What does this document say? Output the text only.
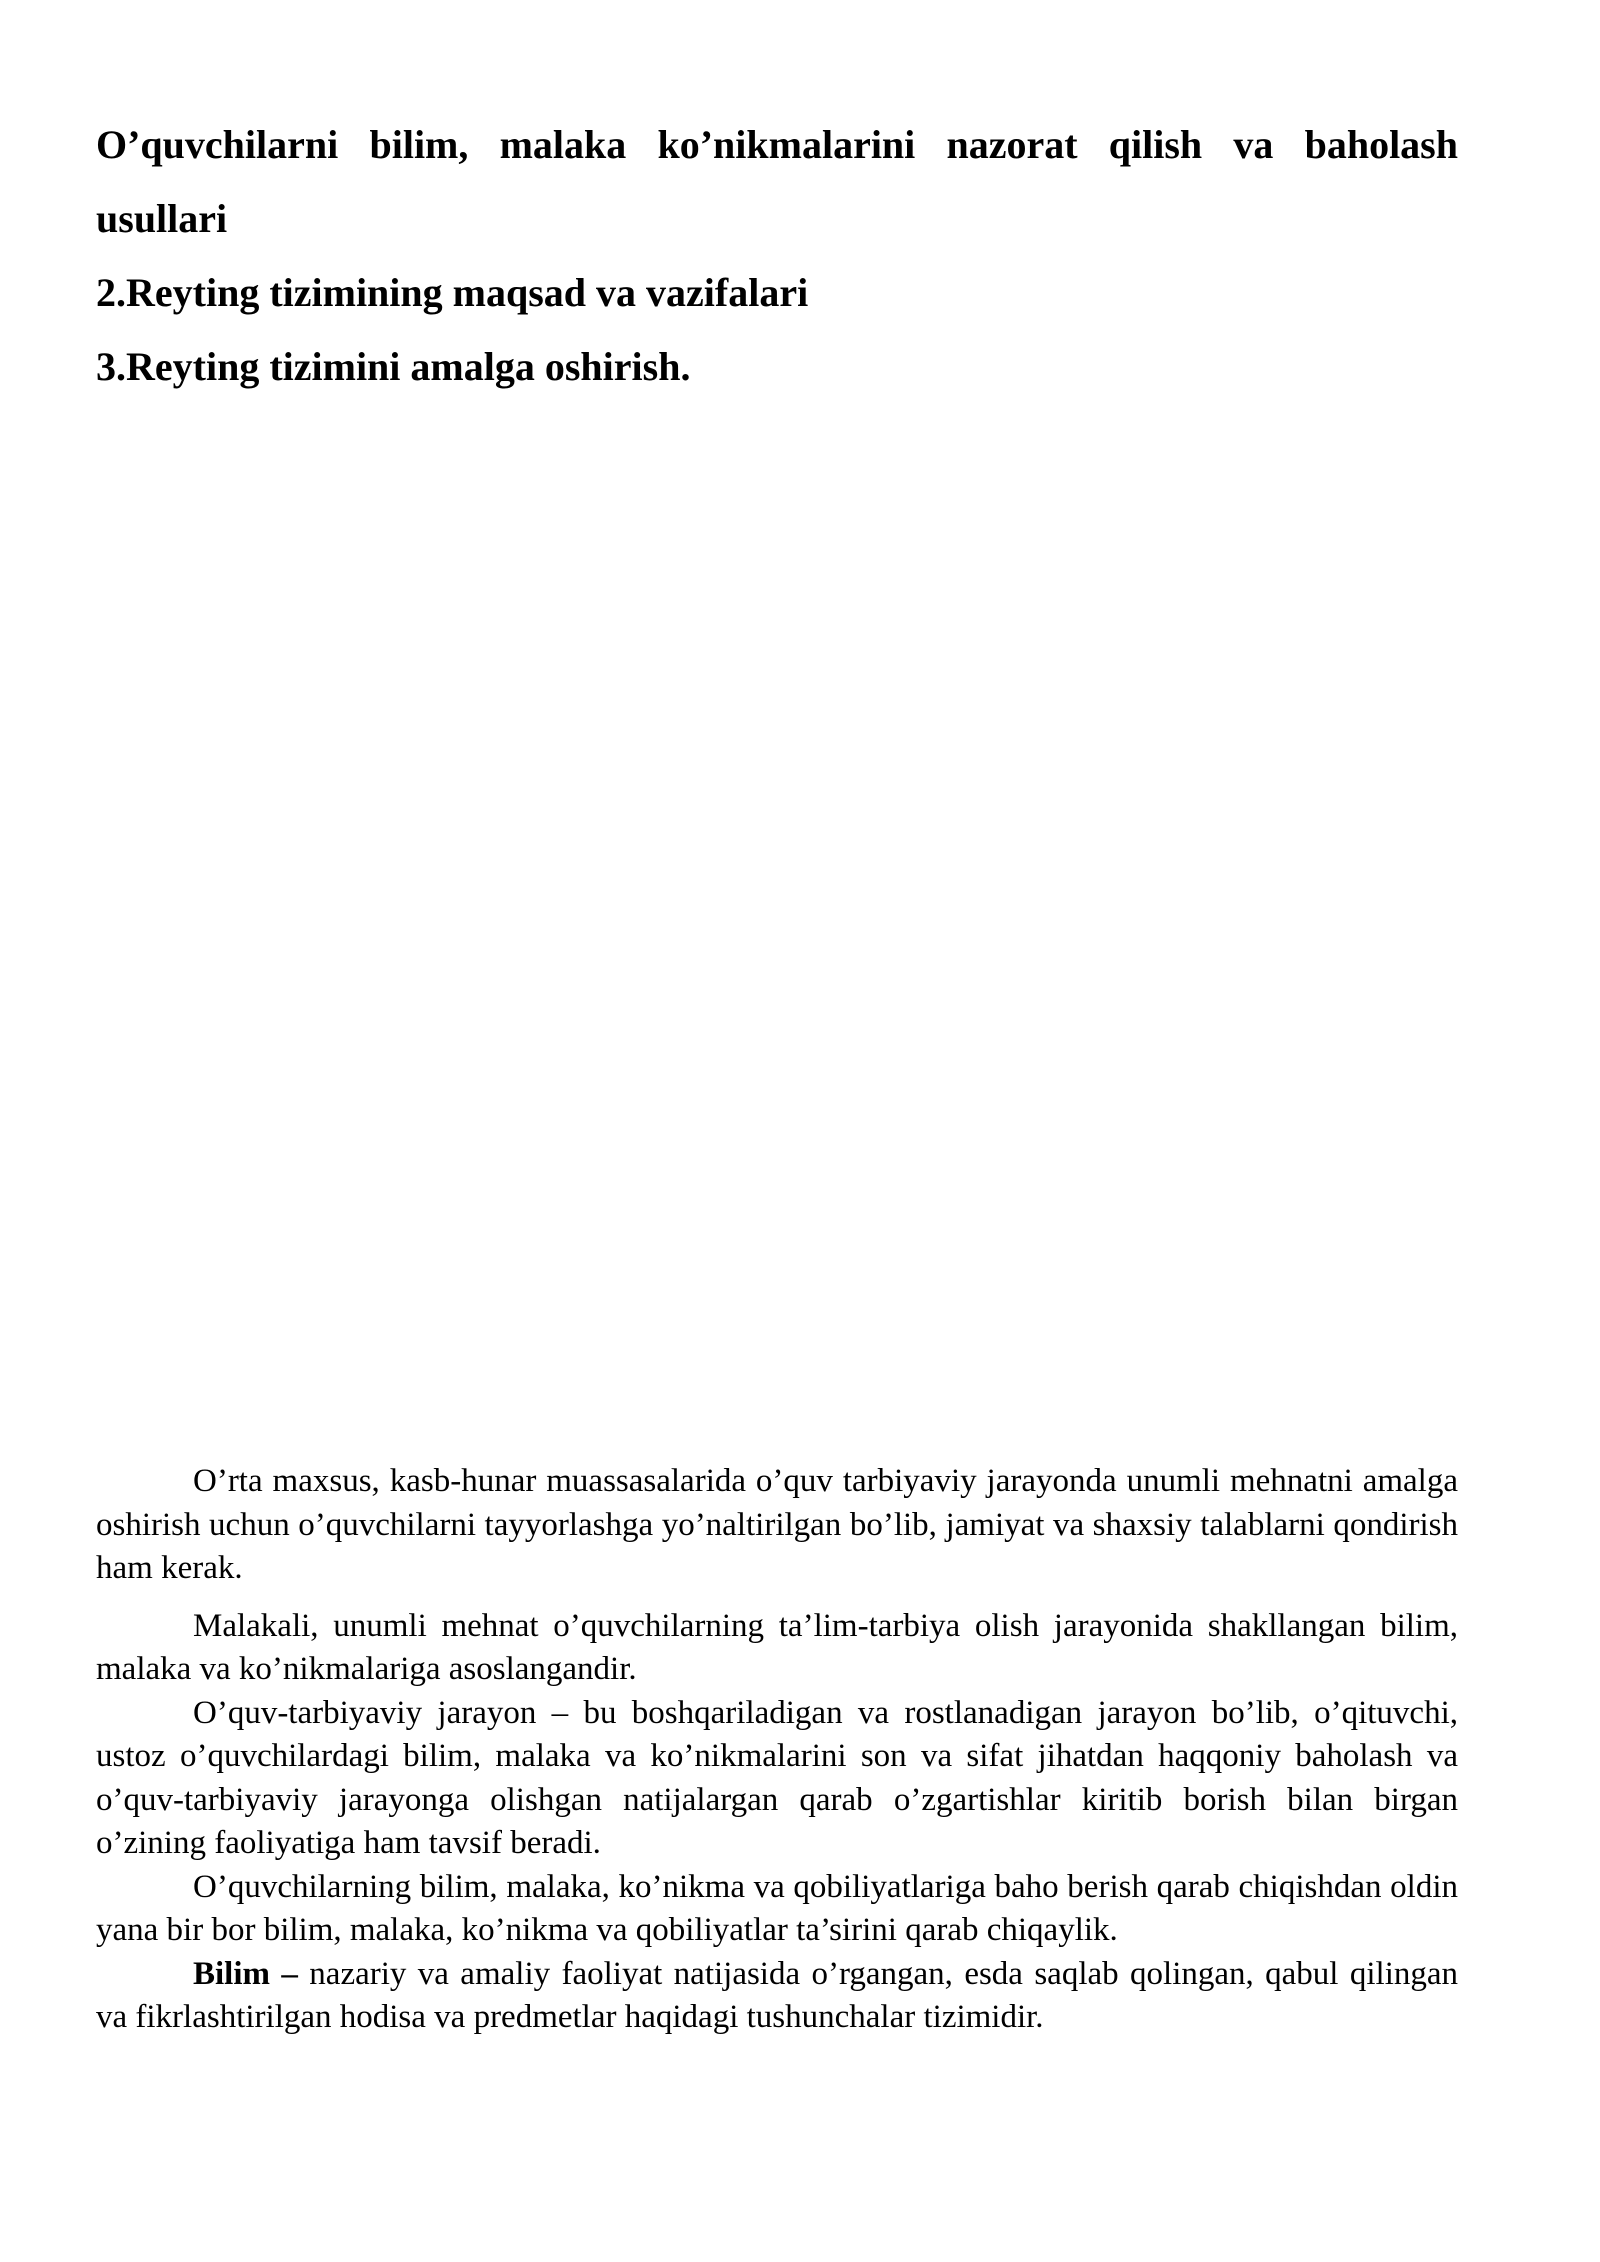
O’quvchilarni bilim, malaka ko’nikmalarini nazorat qilish va baholash

usullari

2.Reyting tizimining maqsad va vazifalari

3.Reyting tizimini amalga oshirish.

O’rta maxsus, kasb-hunar muassasalarida o’quv tarbiyaviy jarayonda unumli mehnatni amalga oshirish uchun o’quvchilarni tayyorlashga yo’naltirilgan bo’lib, jamiyat va shaxsiy talablarni qondirish ham kerak.

Malakali, unumli mehnat o’quvchilarning ta’lim-tarbiya olish jarayonida shakllangan bilim, malaka va ko’nikmalariga asoslangandir.

O’quv-tarbiyaviy jarayon – bu boshqariladigan va rostlanadigan jarayon bo’lib, o’qituvchi, ustoz o’quvchilardagi bilim, malaka va ko’nikmalarini son va sifat jihatdan haqqoniy baholash va o’quv-tarbiyaviy jarayonga olishgan natijalargan qarab o’zgartishlar kiritib borish bilan birgan o’zining faoliyatiga ham tavsif beradi.

O’quvchilarning bilim, malaka, ko’nikma va qobiliyatlariga baho berish qarab chiqishdan oldin yana bir bor bilim, malaka, ko’nikma va qobiliyatlar ta’sirini qarab chiqaylik.

Bilim – nazariy va amaliy faoliyat natijasida o’rgangan, esda saqlab qolingan, qabul qilingan va fikrlashtirilgan hodisa va predmetlar haqidagi tushunchalar tizimidir.
